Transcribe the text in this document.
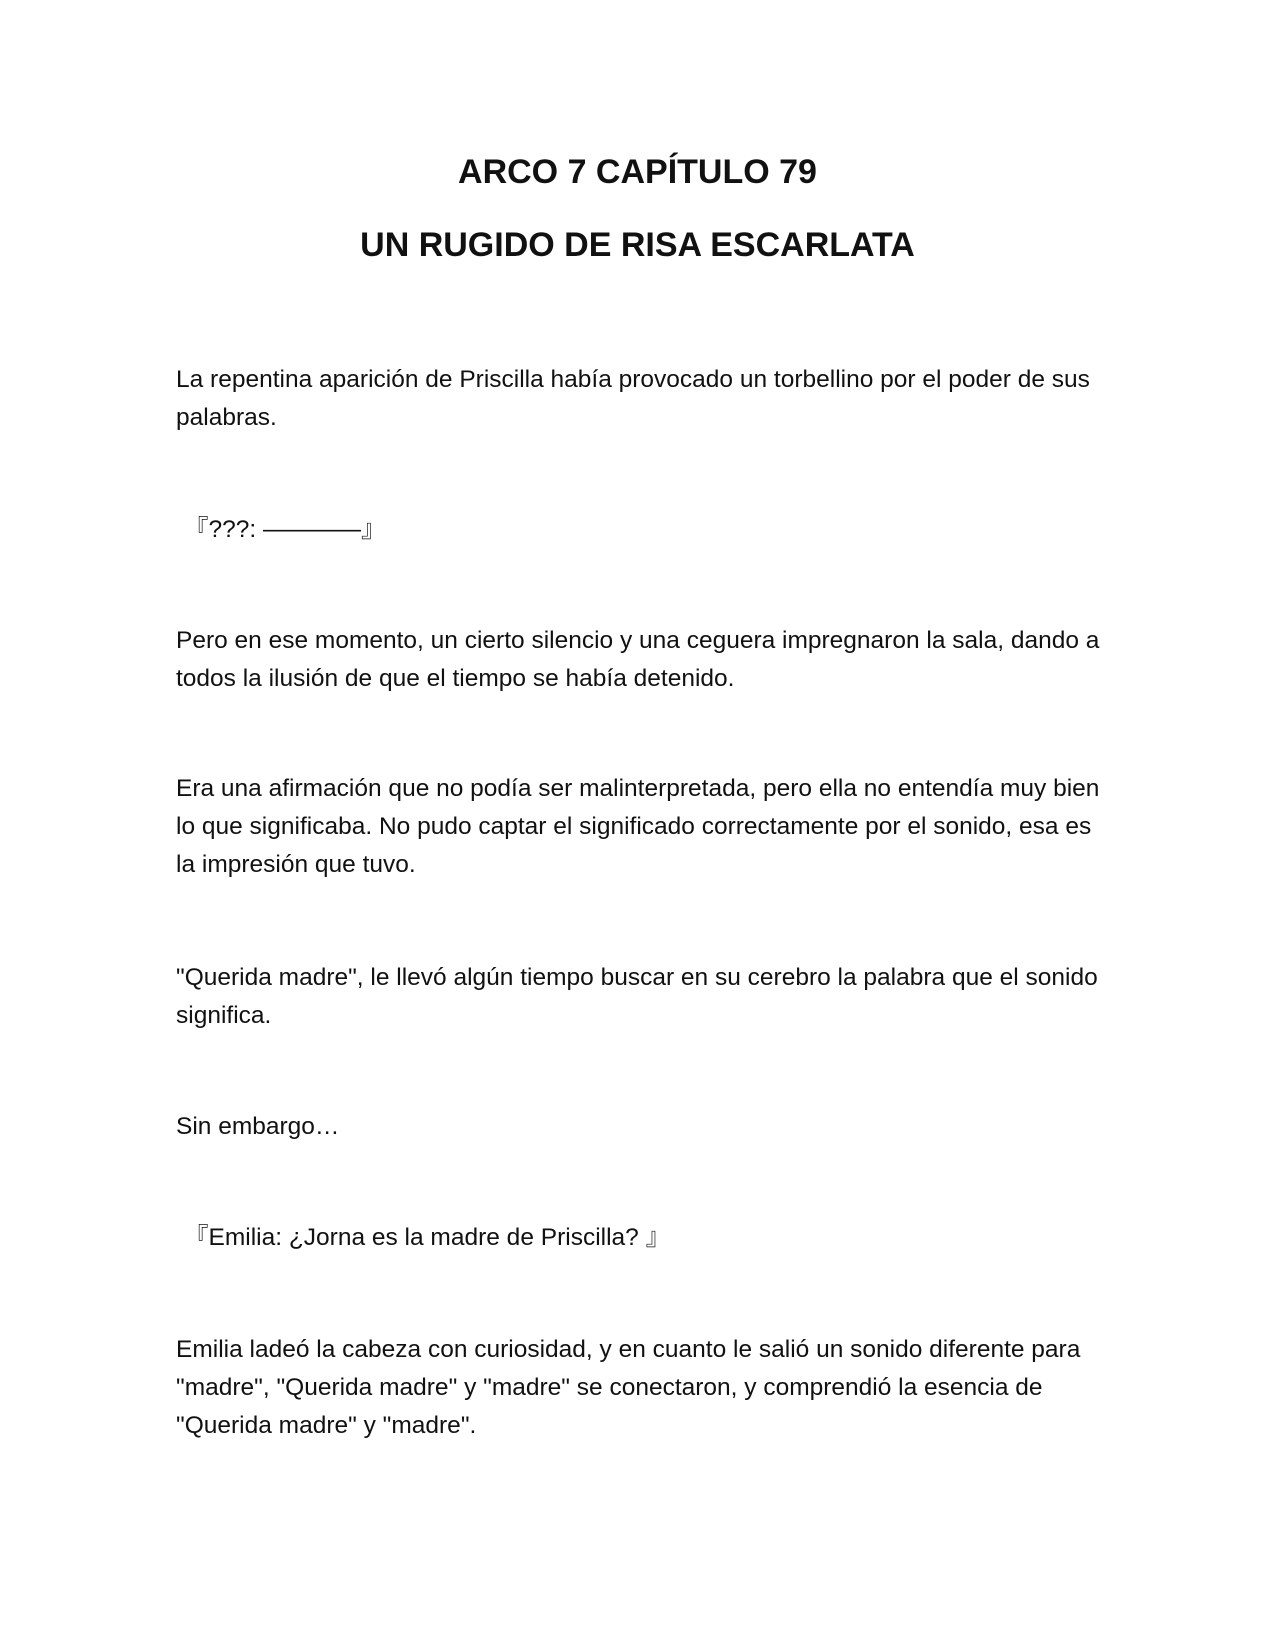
ARCO 7 CAPÍTULO 79
UN RUGIDO DE RISA ESCARLATA

La repentina aparición de Priscilla había provocado un torbellino por el poder de sus palabras.

『???: ————』

Pero en ese momento, un cierto silencio y una ceguera impregnaron la sala, dando a todos la ilusión de que el tiempo se había detenido.

Era una afirmación que no podía ser malinterpretada, pero ella no entendía muy bien lo que significaba. No pudo captar el significado correctamente por el sonido, esa es la impresión que tuvo.

"Querida madre", le llevó algún tiempo buscar en su cerebro la palabra que el sonido significa.

Sin embargo…

『Emilia: ¿Jorna es la madre de Priscilla? 』

Emilia ladeó la cabeza con curiosidad, y en cuanto le salió un sonido diferente para "madre", "Querida madre" y "madre" se conectaron, y comprendió la esencia de "Querida madre" y "madre".
